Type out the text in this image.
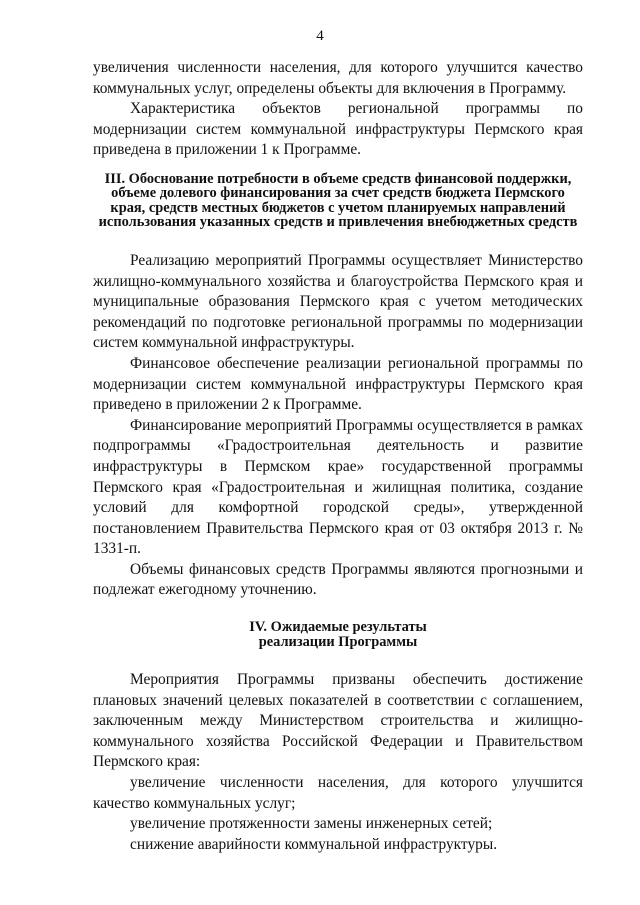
4

увеличения численности населения, для которого улучшится качество коммунальных услуг, определены объекты для включения в Программу.

Характеристика объектов региональной программы по модернизации систем коммунальной инфраструктуры Пермского края приведена в приложении 1 к Программе.

III. Обоснование потребности в объеме средств финансовой поддержки, объеме долевого финансирования за счет средств бюджета Пермского края, средств местных бюджетов с учетом планируемых направлений использования указанных средств и привлечения внебюджетных средств

Реализацию мероприятий Программы осуществляет Министерство жилищно-коммунального хозяйства и благоустройства Пермского края и муниципальные образования Пермского края с учетом методических рекомендаций по подготовке региональной программы по модернизации систем коммунальной инфраструктуры.

Финансовое обеспечение реализации региональной программы по модернизации систем коммунальной инфраструктуры Пермского края приведено в приложении 2 к Программе.

Финансирование мероприятий Программы осуществляется в рамках подпрограммы «Градостроительная деятельность и развитие инфраструктуры в Пермском крае» государственной программы Пермского края «Градостроительная и жилищная политика, создание условий для комфортной городской среды», утвержденной постановлением Правительства Пермского края от 03 октября 2013 г. № 1331-п.

Объемы финансовых средств Программы являются прогнозными и подлежат ежегодному уточнению.

IV. Ожидаемые результаты
реализации Программы

Мероприятия Программы призваны обеспечить достижение плановых значений целевых показателей в соответствии с соглашением, заключенным между Министерством строительства и жилищно-коммунального хозяйства Российской Федерации и Правительством Пермского края:

увеличение численности населения, для которого улучшится качество коммунальных услуг;

увеличение протяженности замены инженерных сетей;

снижение аварийности коммунальной инфраструктуры.
